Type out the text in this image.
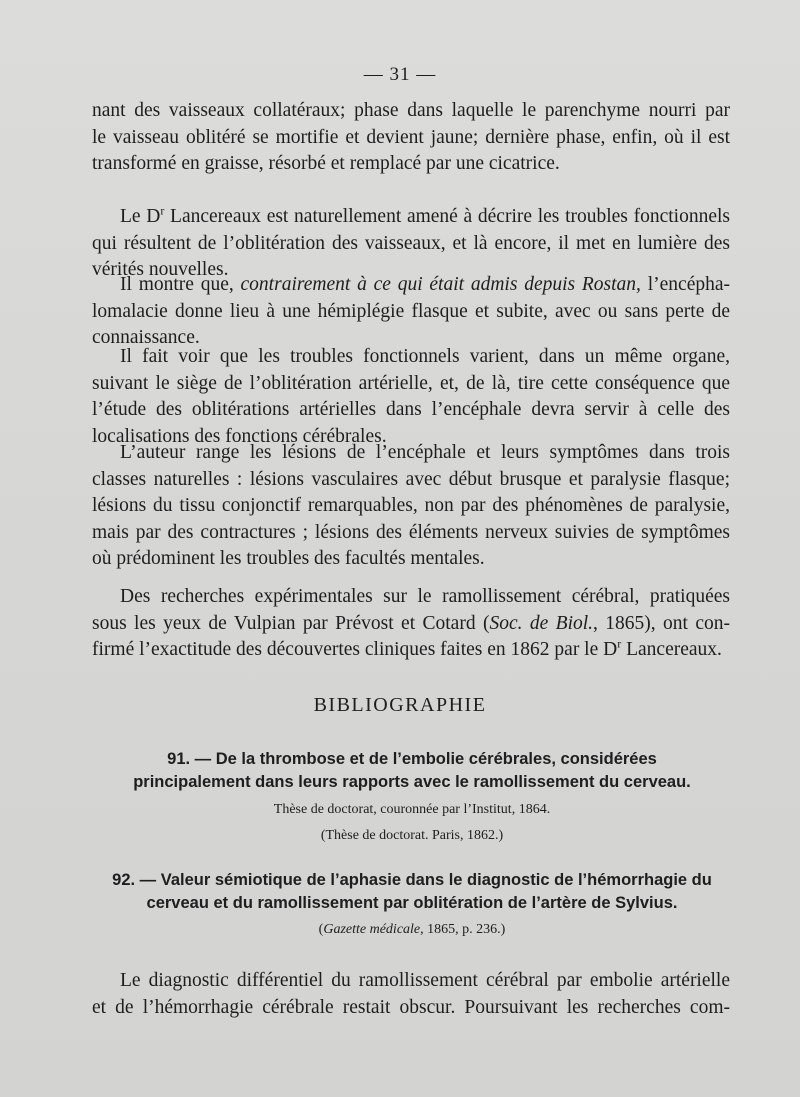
— 31 —

nant des vaisseaux collatéraux; phase dans laquelle le parenchyme nourri par
le vaisseau oblitéré se mortifie et devient jaune; dernière phase, enfin, où il est
transformé en graisse, résorbé et remplacé par une cicatrice.

Le $D^r$ Lancereaux est naturellement amené à décrire les troubles fonctionnels
qui résultent de l’oblitération des vaisseaux, et là encore, il met en lumière des
vérités nouvelles.

Il montre que, contrairement à ce qui était admis depuis Rostan, l’encépha-
lomalacie donne lieu à une hémiplégie flasque et subite, avec ou sans perte de
connaissance.

Il fait voir que les troubles fonctionnels varient, dans un même organe,
suivant le siège de l’oblitération artérielle, et, de là, tire cette conséquence que
l’étude des oblitérations artérielles dans l’encéphale devra servir à celle des
localisations des fonctions cérébrales.

L’auteur range les lésions de l’encéphale et leurs symptômes dans trois
classes naturelles : lésions vasculaires avec début brusque et paralysie flasque;
lésions du tissu conjonctif remarquables, non par des phénomènes de paralysie,
mais par des contractures ; lésions des éléments nerveux suivies de symptômes
où prédominent les troubles des facultés mentales.

Des recherches expérimentales sur le ramollissement cérébral, pratiquées
sous les yeux de Vulpian par Prévost et Cotard (Soc. de Biol., 1865), ont con-
firmé l’exactitude des découvertes cliniques faites en 1862 par le $D^r$ Lancereaux.

BIBLIOGRAPHIE
91. — De la thrombose et de l’embolie cérébrales, considérées
principalement dans leurs rapports avec le ramollissement du cerveau.
Thèse de doctorat, couronnée par l’Institut, 1864.
(Thèse de doctorat. Paris, 1862.)
92. — Valeur sémiotique de l’aphasie dans le diagnostic de l’hémorrhagie du
cerveau et du ramollissement par oblitération de l’artère de Sylvius.
(Gazette médicale, 1865, p. 236.)

Le diagnostic différentiel du ramollissement cérébral par embolie artérielle
et de l’hémorrhagie cérébrale restait obscur. Poursuivant les recherches com-
